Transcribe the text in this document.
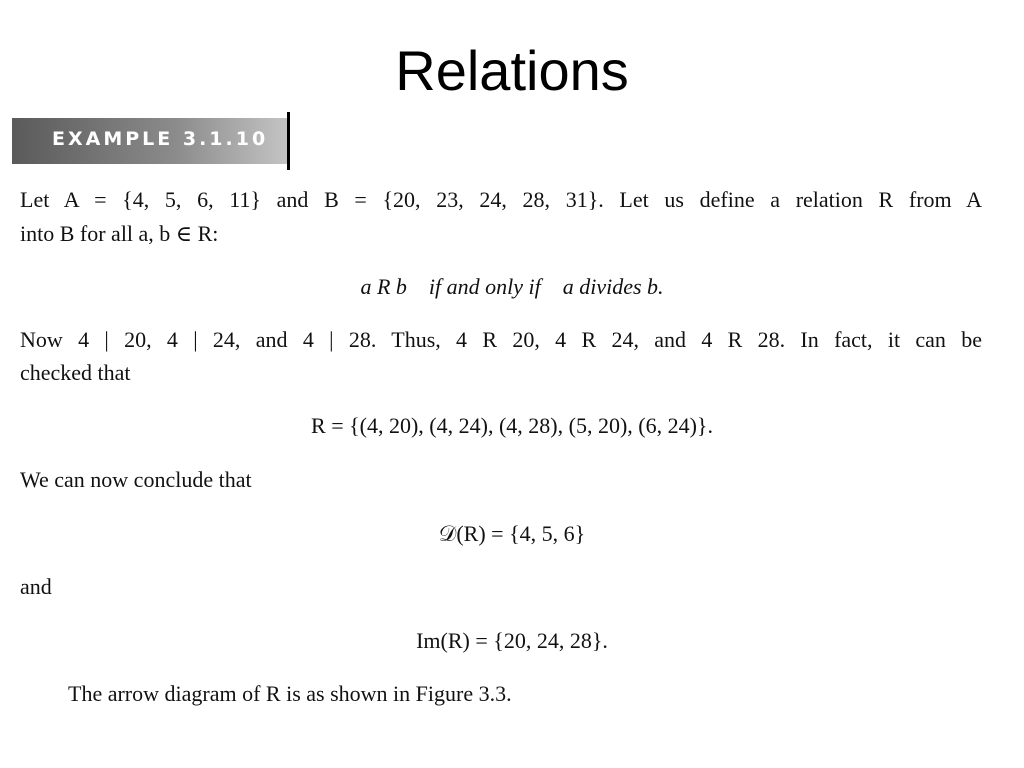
Relations
EXAMPLE 3.1.10
Let A = {4, 5, 6, 11} and B = {20, 23, 24, 28, 31}. Let us define a relation R from A
into B for all a, b ∈ R:
a R b    if and only if    a divides b.
Now 4 | 20, 4 | 24, and 4 | 28. Thus, 4 R 20, 4 R 24, and 4 R 28. In fact, it can be
checked that
R = {(4, 20), (4, 24), (4, 28), (5, 20), (6, 24)}.
We can now conclude that
𝒟(R) = {4, 5, 6}
and
Im(R) = {20, 24, 28}.
The arrow diagram of R is as shown in Figure 3.3.
